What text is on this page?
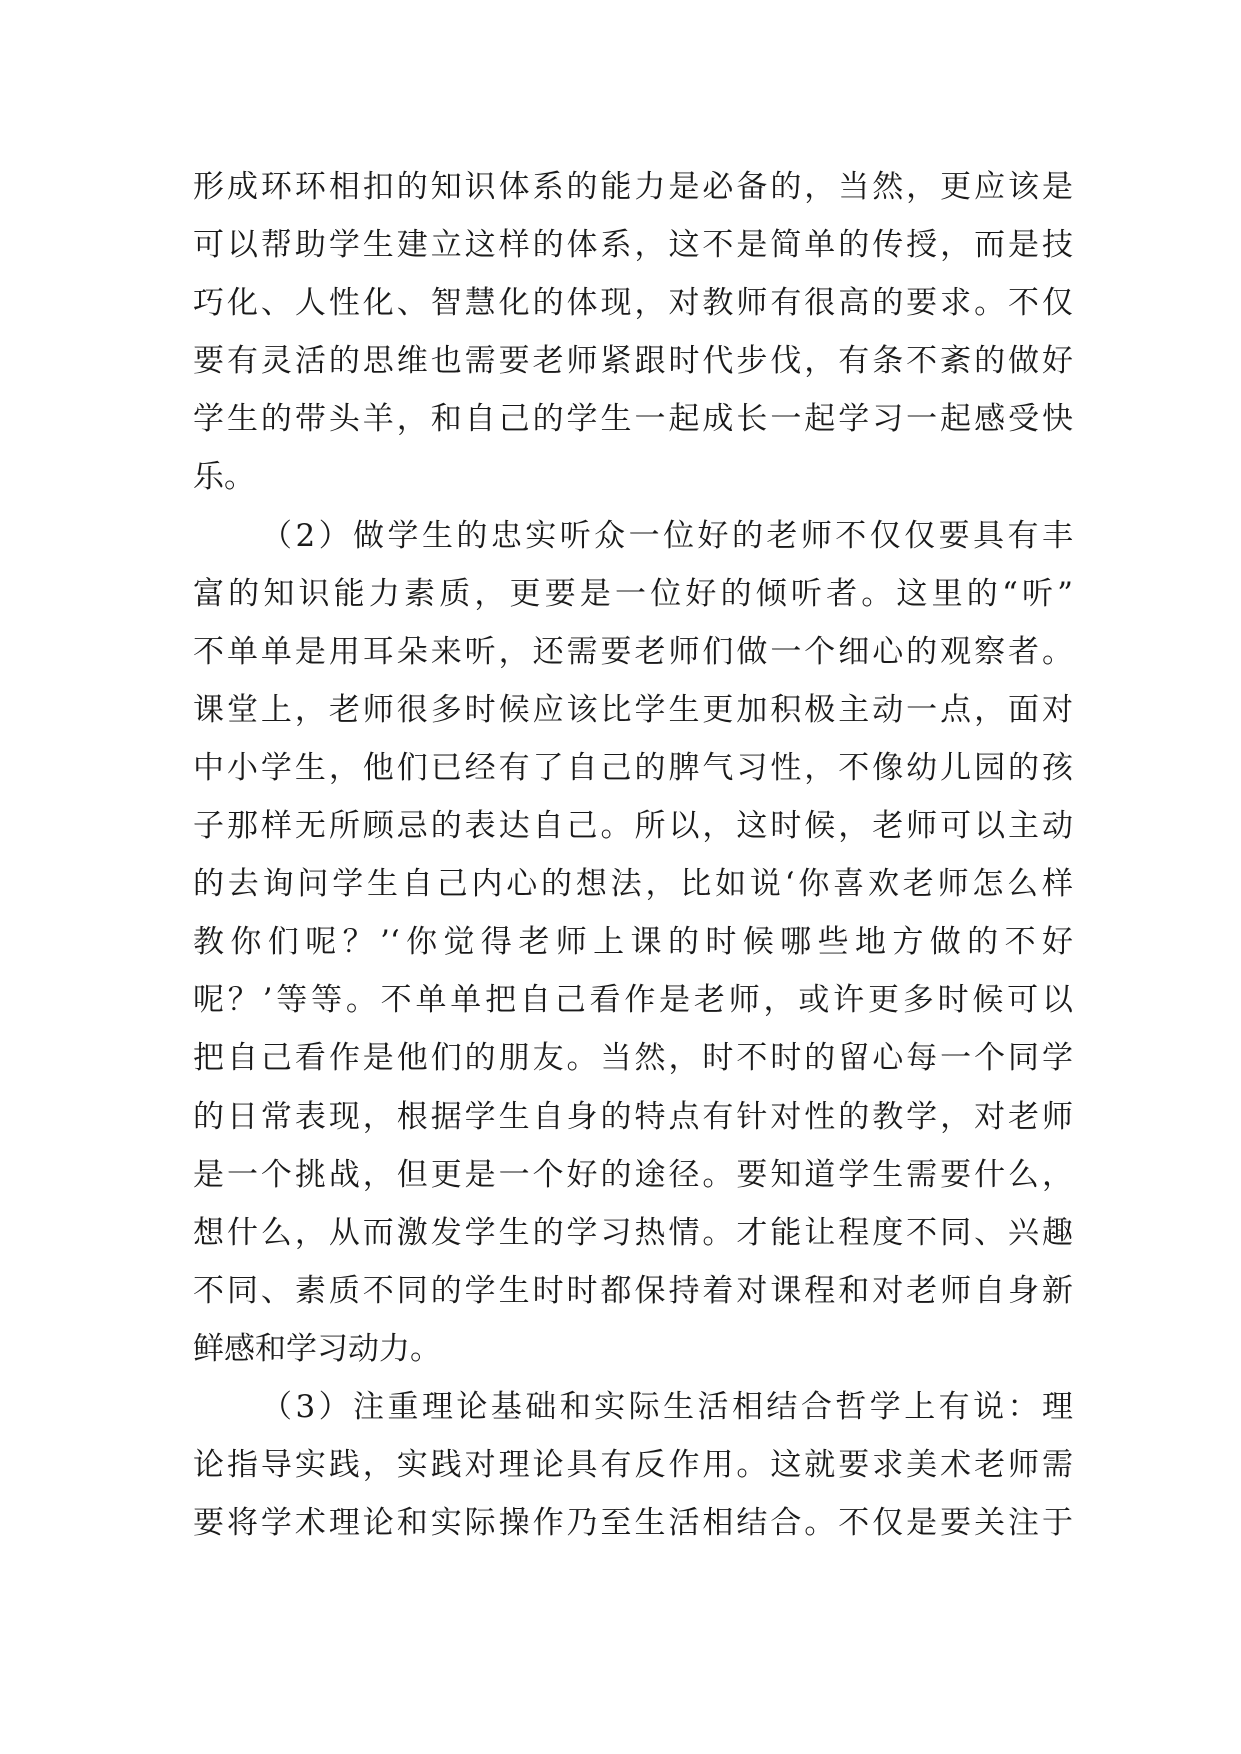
形成环环相扣的知识体系的能力是必备的，当然，更应该是
可以帮助学生建立这样的体系，这不是简单的传授，而是技
巧化、人性化、智慧化的体现，对教师有很高的要求。不仅
要有灵活的思维也需要老师紧跟时代步伐，有条不紊的做好
学生的带头羊，和自己的学生一起成长一起学习一起感受快
乐。
（2）做学生的忠实听众一位好的老师不仅仅要具有丰
富的知识能力素质，更要是一位好的倾听者。这里的“听”
不单单是用耳朵来听，还需要老师们做一个细心的观察者。
课堂上，老师很多时候应该比学生更加积极主动一点，面对
中小学生，他们已经有了自己的脾气习性，不像幼儿园的孩
子那样无所顾忌的表达自己。所以，这时候，老师可以主动
的去询问学生自己内心的想法，比如说‘你喜欢老师怎么样
教你们呢？’‘你觉得老师上课的时候哪些地方做的不好
呢？’等等。不单单把自己看作是老师，或许更多时候可以
把自己看作是他们的朋友。当然，时不时的留心每一个同学
的日常表现，根据学生自身的特点有针对性的教学，对老师
是一个挑战，但更是一个好的途径。要知道学生需要什么，
想什么，从而激发学生的学习热情。才能让程度不同、兴趣
不同、素质不同的学生时时都保持着对课程和对老师自身新
鲜感和学习动力。
（3）注重理论基础和实际生活相结合哲学上有说：理
论指导实践，实践对理论具有反作用。这就要求美术老师需
要将学术理论和实际操作乃至生活相结合。不仅是要关注于
